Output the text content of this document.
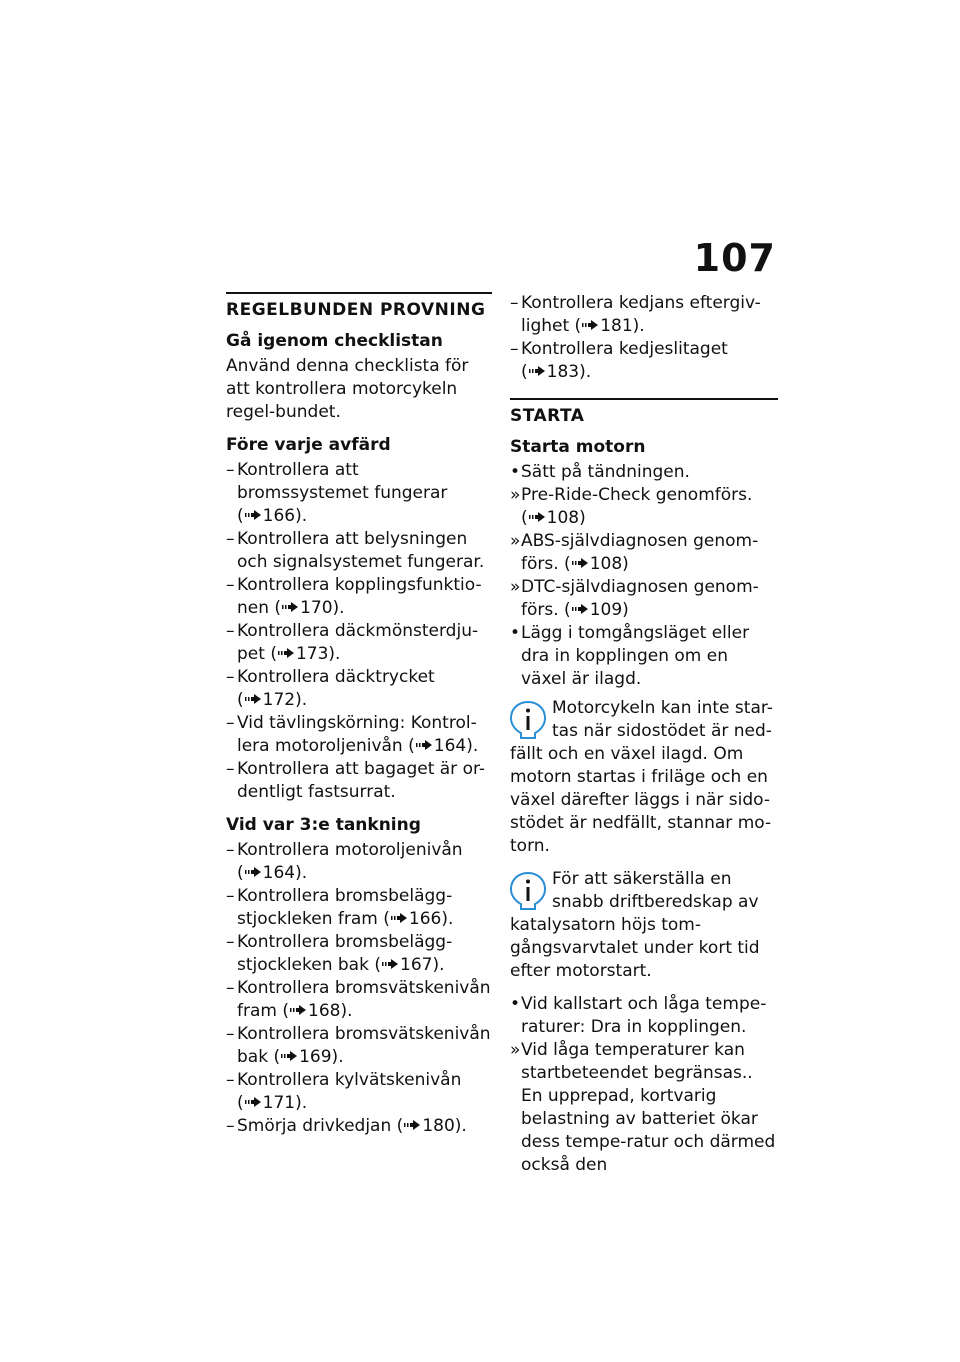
107
REGELBUNDEN PROVNING
Gå igenom checklistan
Använd denna checklista för att kontrollera motorcykeln regel-bundet.
Före varje avfärd
– Kontrollera att bromssystemet fungerar ( 166).
– Kontrollera att belysningen och signalsystemet fungerar.
– Kontrollera kopplingsfunktio-nen ( 170).
– Kontrollera däckmönsterdju-pet ( 173).
– Kontrollera däcktrycket ( 172).
– Vid tävlingskörning: Kontrol-lera motoroljenivån ( 164).
– Kontrollera att bagaget är or-dentligt fastsurrat.
Vid var 3:e tankning
– Kontrollera motoroljenivån ( 164).
– Kontrollera bromsbelägg-stjockleken fram ( 166).
– Kontrollera bromsbelägg-stjockleken bak ( 167).
– Kontrollera bromsvätskenivån fram ( 168).
– Kontrollera bromsvätskenivån bak ( 169).
– Kontrollera kylvätskenivån ( 171).
– Smörja drivkedjan ( 180).
– Kontrollera kedjans eftergiv-lighet ( 181).
– Kontrollera kedjeslitaget ( 183).
STARTA
Starta motorn
• Sätt på tändningen.
» Pre-Ride-Check genomförs. ( 108)
» ABS-självdiagnosen genom-förs. ( 108)
» DTC-självdiagnosen genom-förs. ( 109)
• Lägg i tomgångsläget eller dra in kopplingen om en växel är ilagd.
Motorcykeln kan inte star-tas när sidostödet är ned-fällt och en växel ilagd. Om motorn startas i friläge och en växel därefter läggs i när sido-stödet är nedfällt, stannar mo-torn.
För att säkerställa en snabb driftberedskap av katalysatorn höjs tom-gångsvarvtalet under kort tid efter motorstart.
• Vid kallstart och låga tempe-raturer: Dra in kopplingen.
» Vid låga temperaturer kan startbeteendet begränsas.. En upprepad, kortvarig belastning av batteriet ökar dess tempe-ratur och därmed också den
